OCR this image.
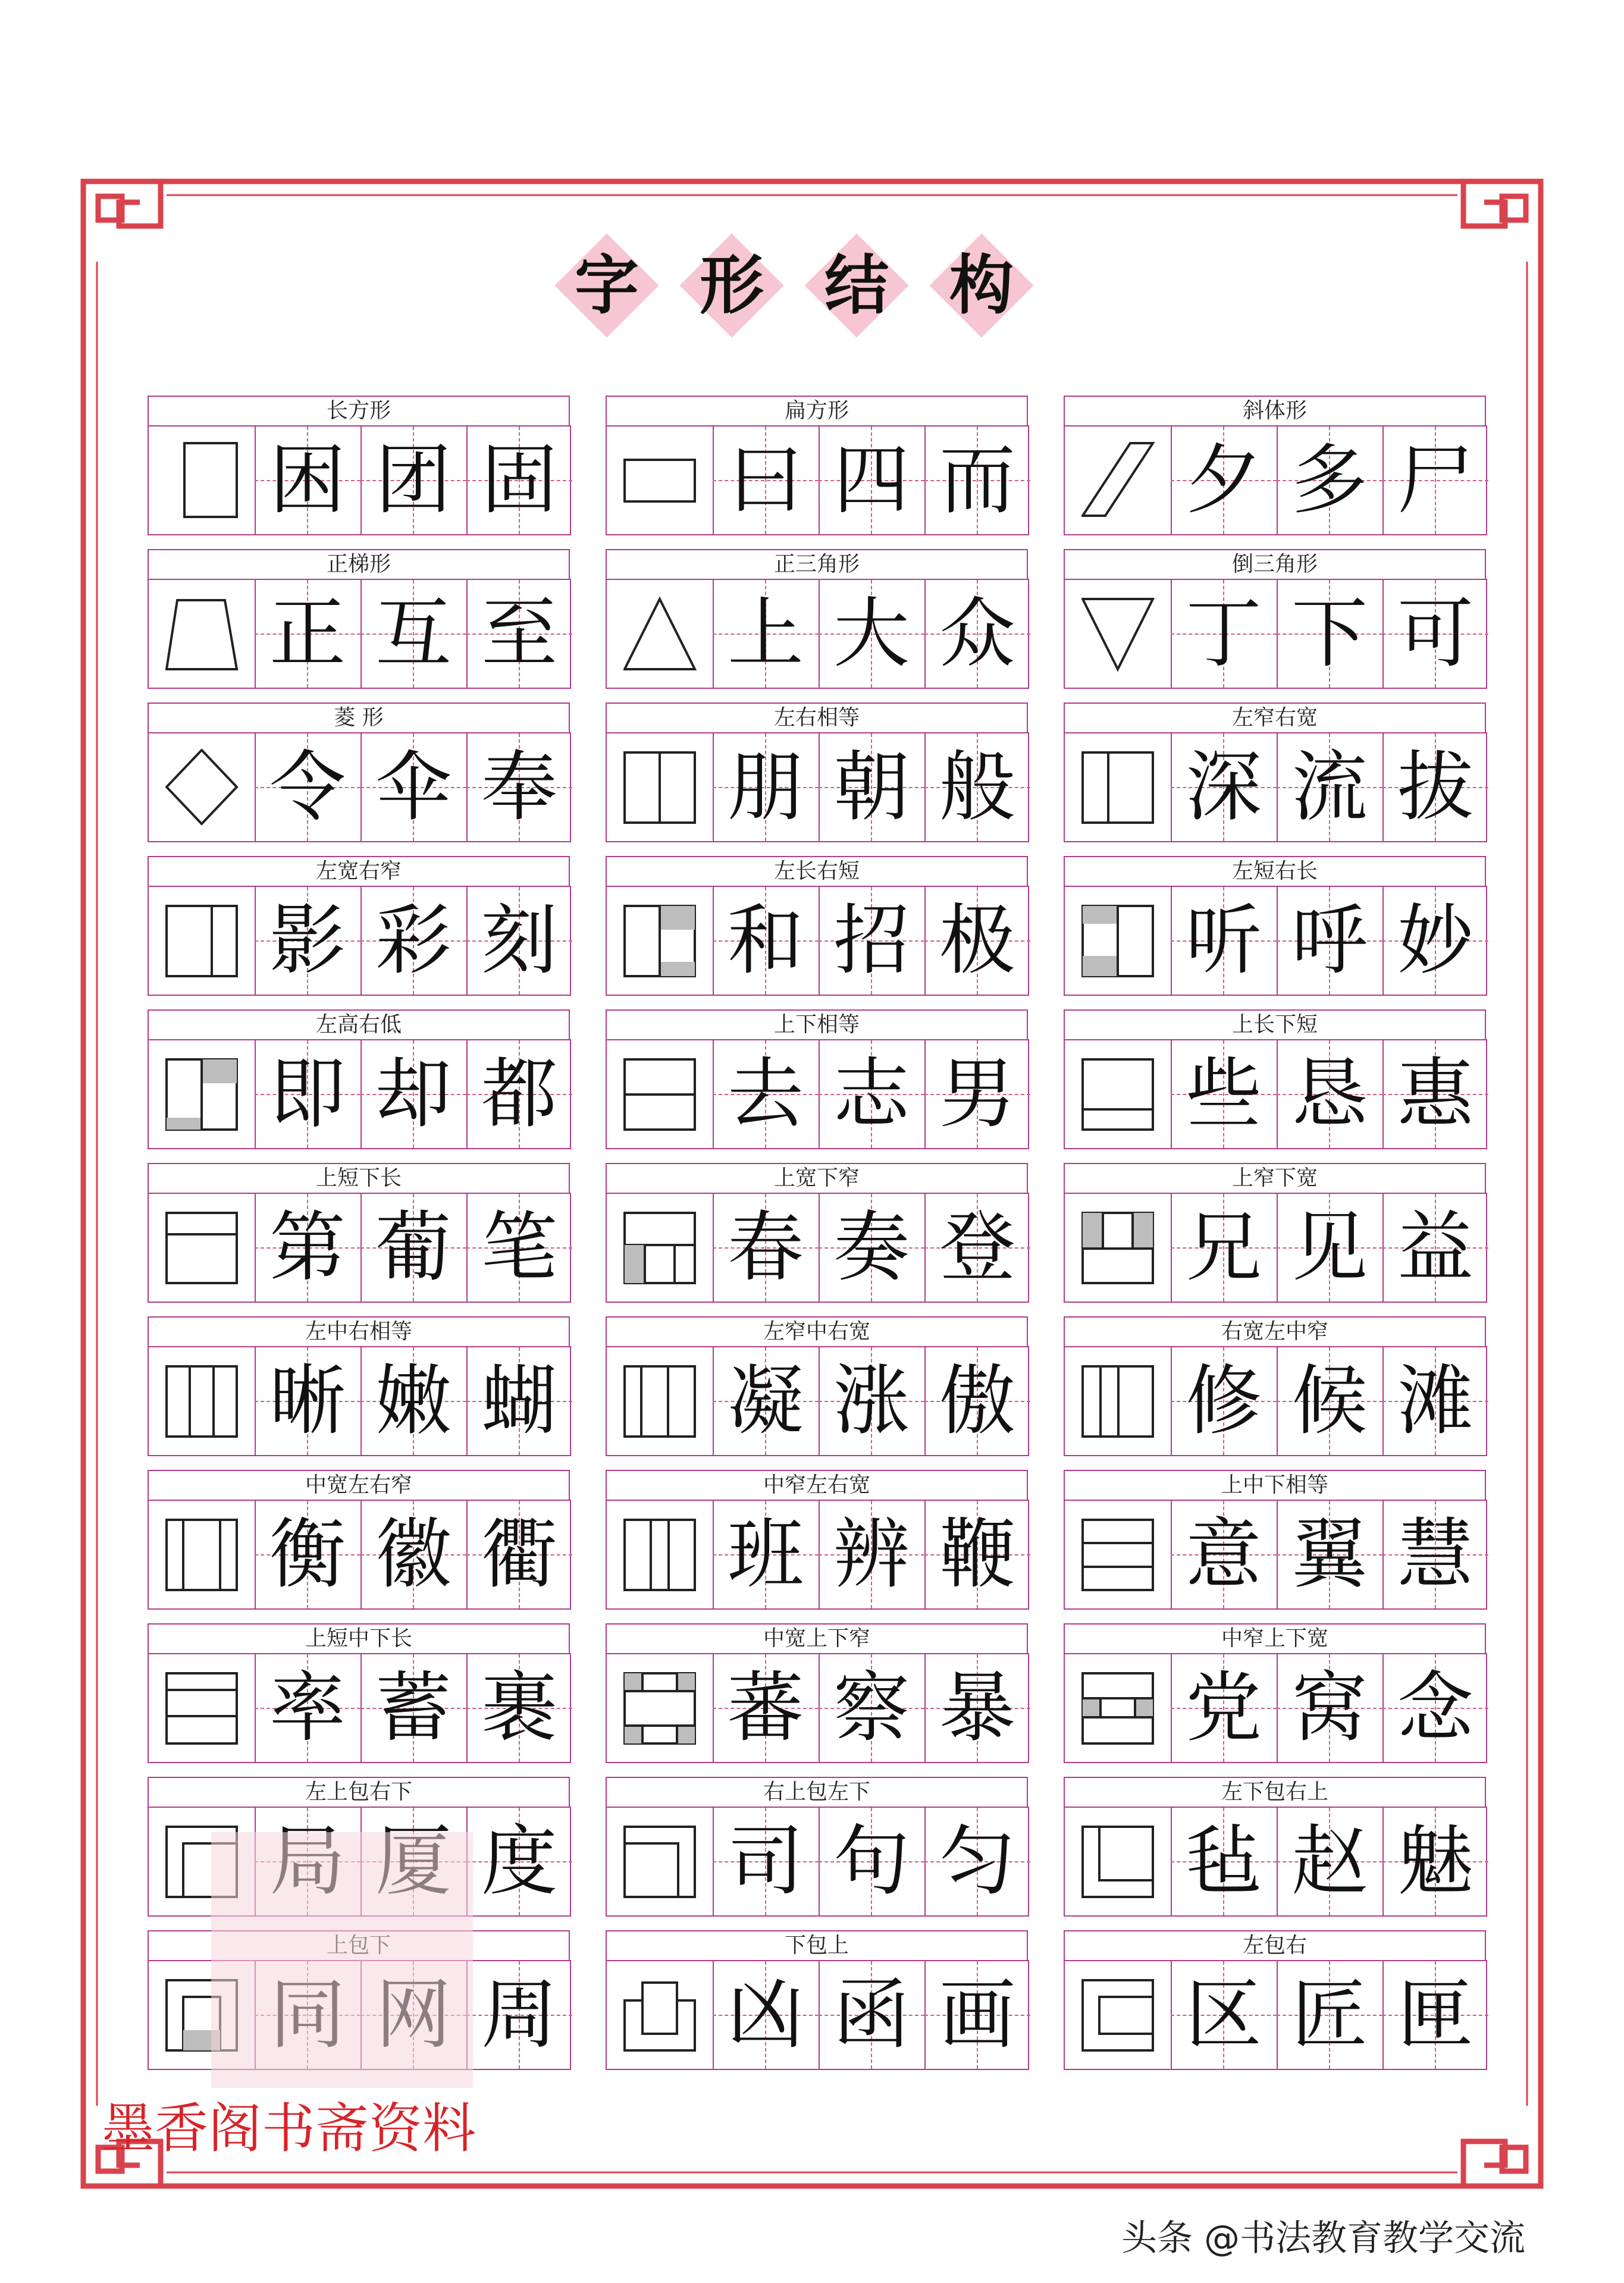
字 形 结 构
长方形
困 团 固
扁方形
曰 四 而
斜体形
夕 多 尸
正梯形
正 互 至
正三角形
上 大 众
倒三角形
丁 下 可
菱 形
令 伞 奉
左右相等
朋 朝 般
左窄右宽
深 流 拔
左宽右窄
影 彩 刻
左长右短
和 招 极
左短右长
听 呼 妙
左高右低
即 却 都
上下相等
去 志 男
上长下短
些 恳 惠
上短下长
第 葡 笔
上宽下窄
春 奏 登
上窄下宽
兄 见 益
左中右相等
晰 嫩 蝴
左窄中右宽
凝 涨 傲
右宽左中窄
修 候 滩
中宽左右窄
衡 徽 衢
中窄左右宽
班 辨 鞭
上中下相等
意 翼 慧
上短中下长
率 蓄 裹
中宽上下窄
蕃 察 暴
中窄上下宽
党 窝 念
左上包右下
度
右上包左下
司 句 匀
左下包右上
毡 赵 魅
周
下包上
凶 函 画
左包右
区 匠 匣
墨香阁书斋资料
头条 @书法教育教学交流
